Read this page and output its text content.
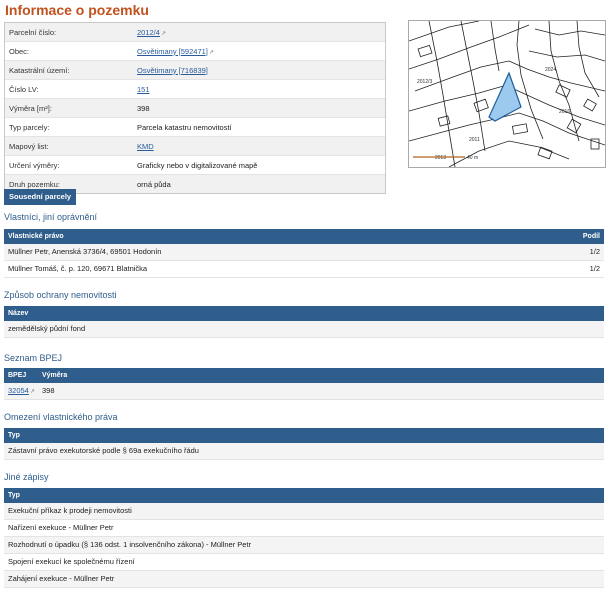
Informace o pozemku
Parcelní číslo:	2012/4↗
Obec:	Osvětimany [592471]↗
Katastrální území:	Osvětimany [716839]
Číslo LV:	151
Výměra [m²]:	398
Typ parcely:	Parcela katastru nemovitostí
Mapový list:	KMD
Určení výměry:	Graficky nebo v digitalizované mapě
Druh pozemku:	orná půda
2012/3
2024
2011
2016
2013	40 m
Sousední parcely
Vlastníci, jiní oprávnění
Vlastnické právo	Podíl
Müllner Petr, Anenská 3736/4, 69501 Hodonín	1/2
Müllner Tomáš, č. p. 120, 69671 Blatnička	1/2
Způsob ochrany nemovitosti
Název
zemědělský půdní fond
Seznam BPEJ
BPEJ	Výměra
32054↗ 398
Omezení vlastnického práva
Typ
Zástavní právo exekutorské podle § 69a exekučního řádu
Jiné zápisy
Typ
Exekuční příkaz k prodeji nemovitosti
Nařízení exekuce - Müllner Petr
Rozhodnutí o úpadku (§ 136 odst. 1 insolvenčního zákona) - Müllner Petr
Spojení exekucí ke společnému řízení
Zahájení exekuce - Müllner Petr
